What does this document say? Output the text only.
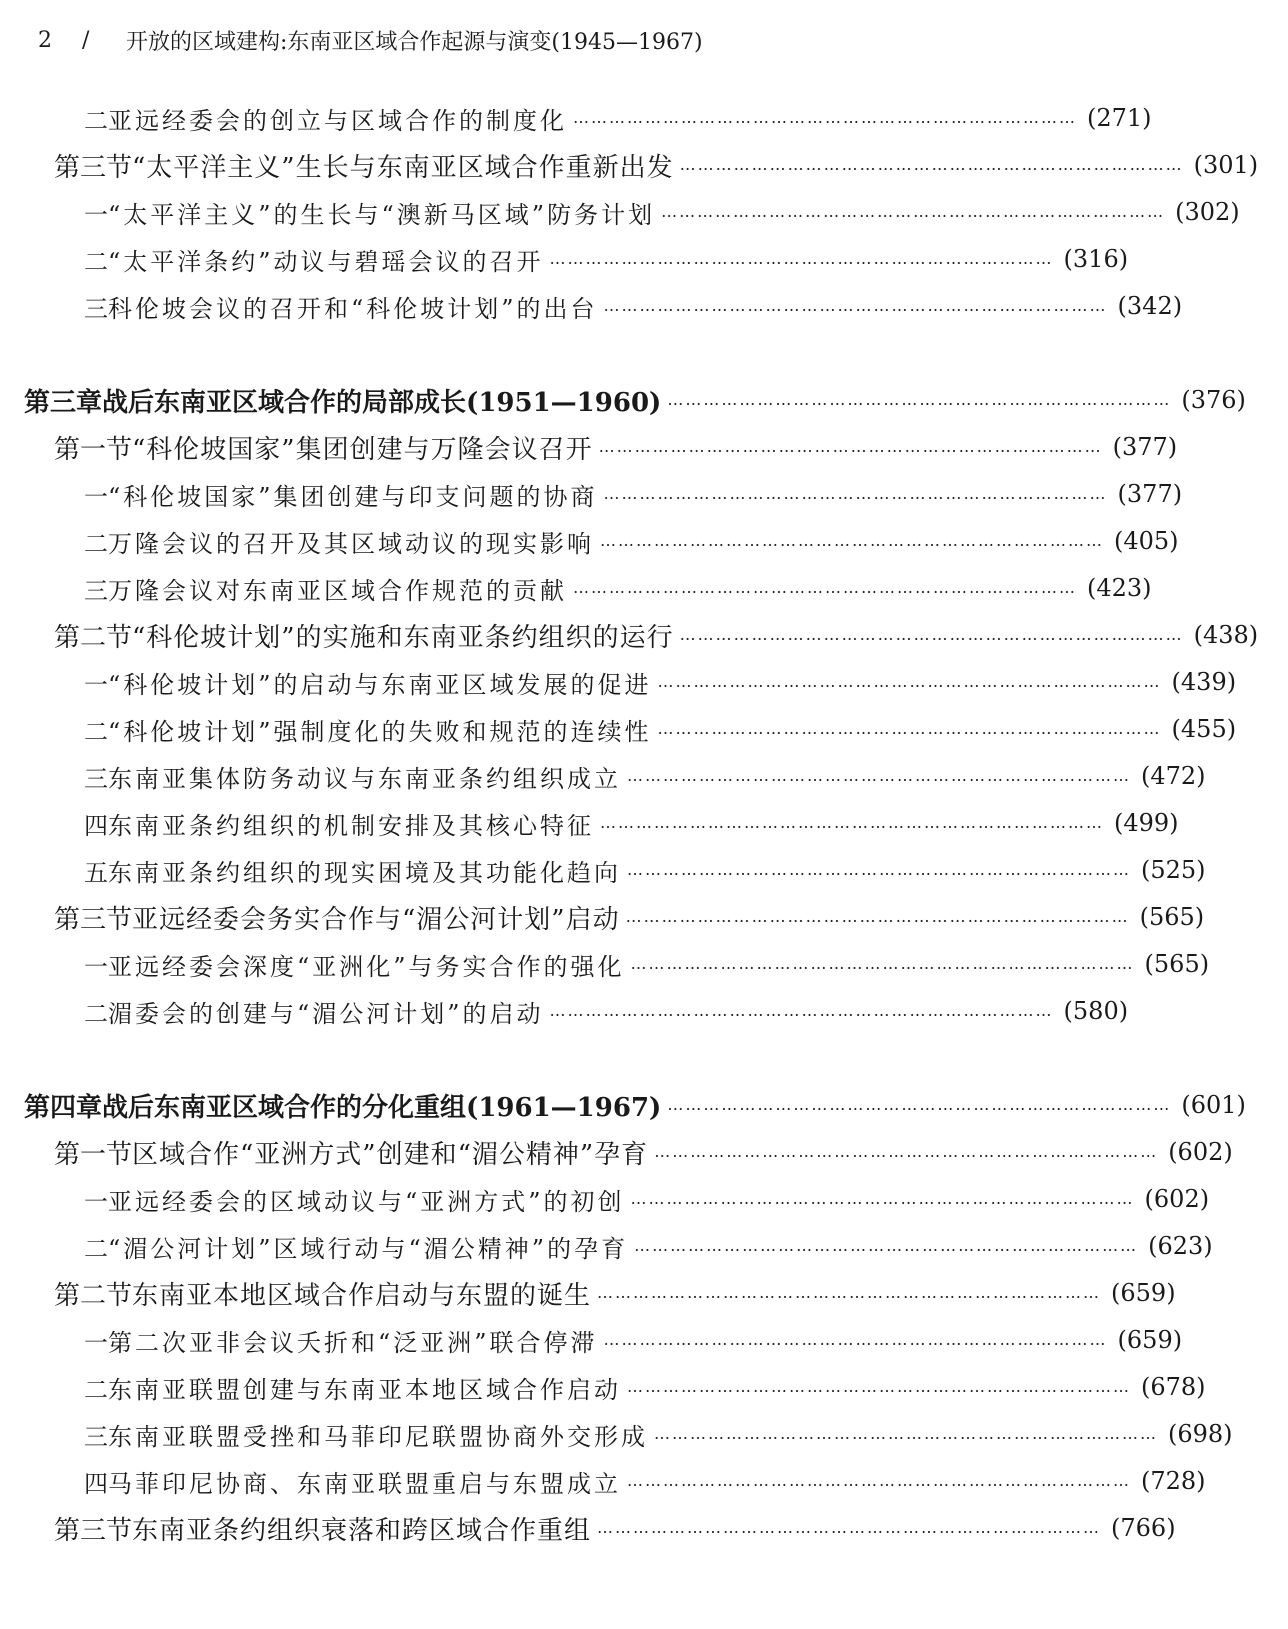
2	/	开放的区域建构:东南亚区域合作起源与演变(1945—1967)
二 亚远经委会的创立与区域合作的制度化 ………………………………………………………………………… (271)
第三节 “太平洋主义”生长与东南亚区域合作重新出发 ………………………………………………………………………… (301)
一 “太平洋主义”的生长与“澳新马区域”防务计划 ………………………………………………………………………… (302)
二 “太平洋条约”动议与碧瑶会议的召开 ………………………………………………………………………… (316)
三 科伦坡会议的召开和“科伦坡计划”的出台 ………………………………………………………………………… (342)
第三章 战后东南亚区域合作的局部成长(1951—1960) ………………………………………………………………………… (376)
第一节 “科伦坡国家”集团创建与万隆会议召开 ………………………………………………………………………… (377)
一 “科伦坡国家”集团创建与印支问题的协商 ………………………………………………………………………… (377)
二 万隆会议的召开及其区域动议的现实影响 ………………………………………………………………………… (405)
三 万隆会议对东南亚区域合作规范的贡献 ………………………………………………………………………… (423)
第二节 “科伦坡计划”的实施和东南亚条约组织的运行 ………………………………………………………………………… (438)
一 “科伦坡计划”的启动与东南亚区域发展的促进 ………………………………………………………………………… (439)
二 “科伦坡计划”强制度化的失败和规范的连续性 ………………………………………………………………………… (455)
三 东南亚集体防务动议与东南亚条约组织成立 ………………………………………………………………………… (472)
四 东南亚条约组织的机制安排及其核心特征 ………………………………………………………………………… (499)
五 东南亚条约组织的现实困境及其功能化趋向 ………………………………………………………………………… (525)
第三节 亚远经委会务实合作与“湄公河计划”启动 ………………………………………………………………………… (565)
一 亚远经委会深度“亚洲化”与务实合作的强化 ………………………………………………………………………… (565)
二 湄委会的创建与“湄公河计划”的启动 ………………………………………………………………………… (580)
第四章 战后东南亚区域合作的分化重组(1961—1967) ………………………………………………………………………… (601)
第一节 区域合作“亚洲方式”创建和“湄公精神”孕育 ………………………………………………………………………… (602)
一 亚远经委会的区域动议与“亚洲方式”的初创 ………………………………………………………………………… (602)
二 “湄公河计划”区域行动与“湄公精神”的孕育 ………………………………………………………………………… (623)
第二节 东南亚本地区域合作启动与东盟的诞生 ………………………………………………………………………… (659)
一 第二次亚非会议夭折和“泛亚洲”联合停滞 ………………………………………………………………………… (659)
二 东南亚联盟创建与东南亚本地区域合作启动 ………………………………………………………………………… (678)
三 东南亚联盟受挫和马菲印尼联盟协商外交形成 ………………………………………………………………………… (698)
四 马菲印尼协商、东南亚联盟重启与东盟成立 ………………………………………………………………………… (728)
第三节 东南亚条约组织衰落和跨区域合作重组 ………………………………………………………………………… (766)
